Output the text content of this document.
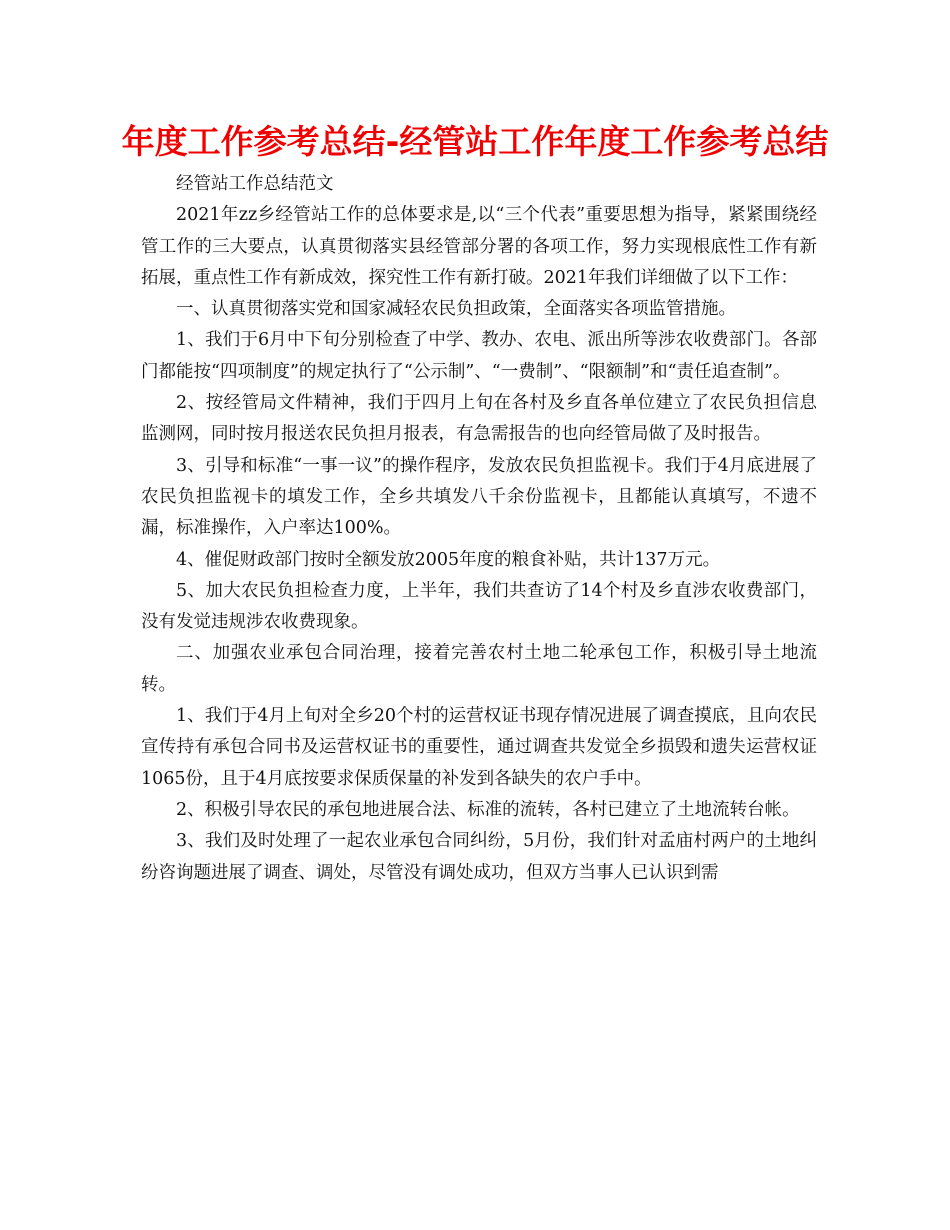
年度工作参考总结-经管站工作年度工作参考总结

经管站工作总结范文

2021年zz乡经管站工作的总体要求是,以“三个代表”重要思想为指导，紧紧围绕经管工作的三大要点，认真贯彻落实县经管部分署的各项工作，努力实现根底性工作有新拓展，重点性工作有新成效，探究性工作有新打破。2021年我们详细做了以下工作：

一、认真贯彻落实党和国家减轻农民负担政策，全面落实各项监管措施。

1、我们于6月中下旬分别检查了中学、教办、农电、派出所等涉农收费部门。各部门都能按“四项制度”的规定执行了“公示制”、“一费制”、“限额制”和“责任追查制”。

2、按经管局文件精神，我们于四月上旬在各村及乡直各单位建立了农民负担信息监测网，同时按月报送农民负担月报表，有急需报告的也向经管局做了及时报告。

3、引导和标准“一事一议”的操作程序，发放农民负担监视卡。我们于4月底进展了农民负担监视卡的填发工作，全乡共填发八千余份监视卡，且都能认真填写，不遗不漏，标准操作，入户率达100%。

4、催促财政部门按时全额发放2005年度的粮食补贴，共计137万元。

5、加大农民负担检查力度，上半年，我们共查访了14个村及乡直涉农收费部门，没有发觉违规涉农收费现象。

二、加强农业承包合同治理，接着完善农村土地二轮承包工作，积极引导土地流转。

1、我们于4月上旬对全乡20个村的运营权证书现存情况进展了调查摸底，且向农民宣传持有承包合同书及运营权证书的重要性，通过调查共发觉全乡损毁和遗失运营权证1065份，且于4月底按要求保质保量的补发到各缺失的农户手中。

2、积极引导农民的承包地进展合法、标准的流转，各村已建立了土地流转台帐。

3、我们及时处理了一起农业承包合同纠纷，5月份，我们针对孟庙村两户的土地纠纷咨询题进展了调查、调处，尽管没有调处成功，但双方当事人已认识到需
